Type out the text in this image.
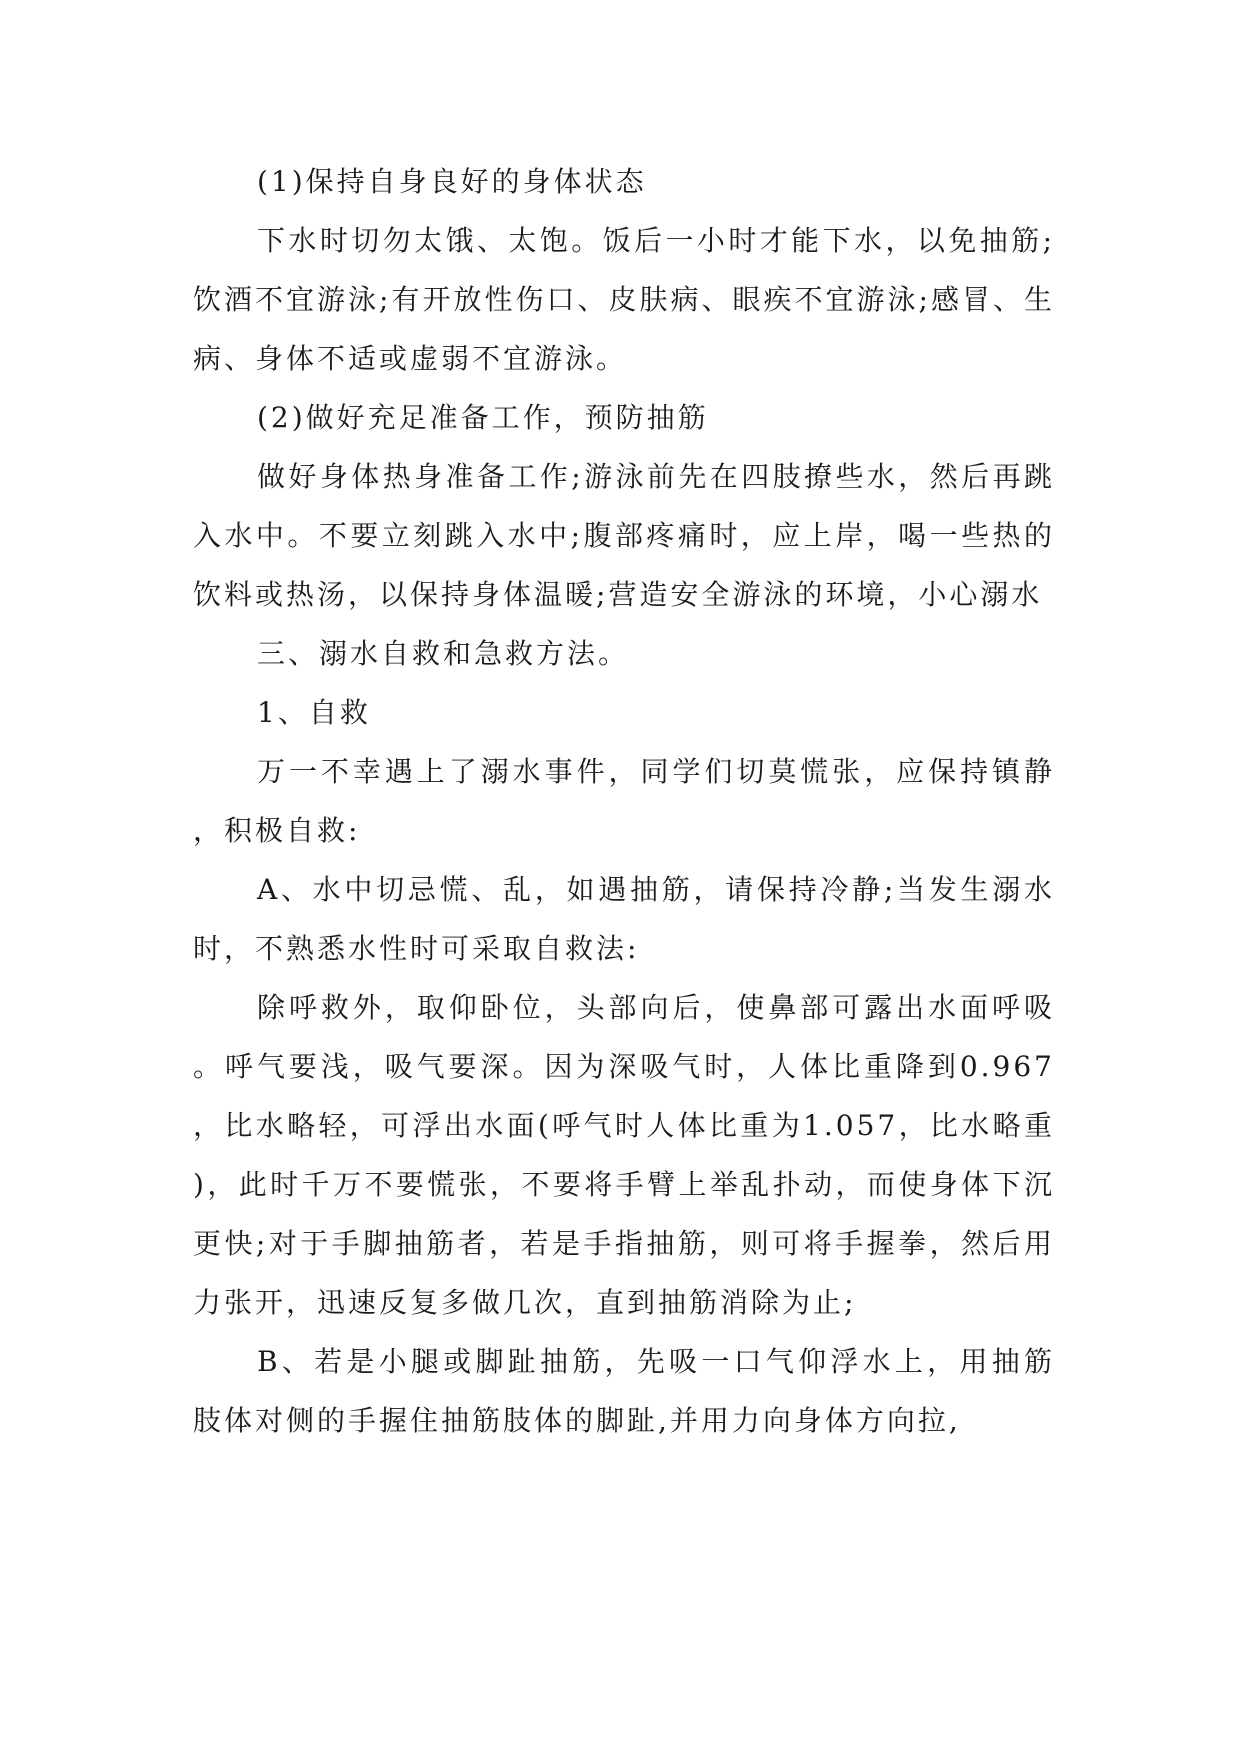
(1)保持自身良好的身体状态

下水时切勿太饿、太饱。饭后一小时才能下水，以免抽筋;饮酒不宜游泳;有开放性伤口、皮肤病、眼疾不宜游泳;感冒、生病、身体不适或虚弱不宜游泳。

(2)做好充足准备工作，预防抽筋

做好身体热身准备工作;游泳前先在四肢撩些水，然后再跳入水中。不要立刻跳入水中;腹部疼痛时，应上岸，喝一些热的饮料或热汤，以保持身体温暖;营造安全游泳的环境，小心溺水

三、溺水自救和急救方法。

1、自救

万一不幸遇上了溺水事件，同学们切莫慌张，应保持镇静，积极自救:

A、水中切忌慌、乱，如遇抽筋，请保持冷静;当发生溺水时，不熟悉水性时可采取自救法:

除呼救外，取仰卧位，头部向后，使鼻部可露出水面呼吸。呼气要浅，吸气要深。因为深吸气时，人体比重降到0.967，比水略轻，可浮出水面(呼气时人体比重为1.057，比水略重)，此时千万不要慌张，不要将手臂上举乱扑动，而使身体下沉更快;对于手脚抽筋者，若是手指抽筋，则可将手握拳，然后用力张开，迅速反复多做几次，直到抽筋消除为止;

B、若是小腿或脚趾抽筋，先吸一口气仰浮水上，用抽筋肢体对侧的手握住抽筋肢体的脚趾,并用力向身体方向拉,
